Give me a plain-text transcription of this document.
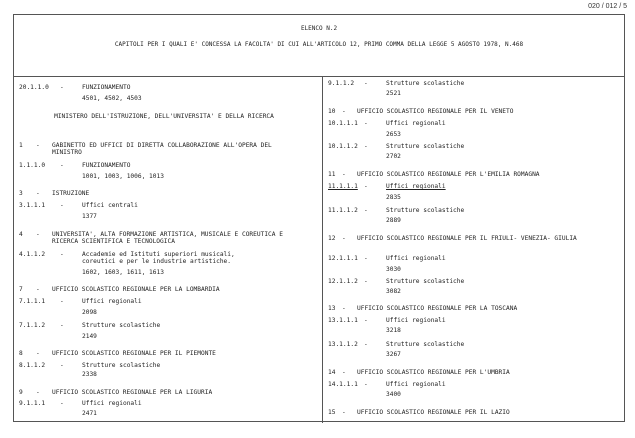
020 / 012 / 5
ELENCO N.2
CAPITOLI PER I QUALI E' CONCESSA LA FACOLTA' DI CUI ALL'ARTICOLO 12, PRIMO COMMA DELLA LEGGE 5 AGOSTO 1978, N.468
20.1.1.0 -	FUNZIONAMENTO
4501, 4502, 4503
MINISTERO DELL'ISTRUZIONE, DELL'UNIVERSITA' E DELLA RICERCA
1 - GABINETTO ED UFFICI DI DIRETTA COLLABORAZIONE ALL'OPERA DEL
MINISTRO
1.1.1.0 -	FUNZIONAMENTO
1001, 1003, 1006, 1013
3 - ISTRUZIONE
3.1.1.1 -	Uffici centrali
1377
4 - UNIVERSITA', ALTA FORMAZIONE ARTISTICA, MUSICALE E COREUTICA E
RICERCA SCIENTIFICA E TECNOLOGICA
4.1.1.2 -	Accademie ed Istituti superiori musicali,
coreutici e per le industrie artistiche.
1602, 1603, 1611, 1613
7 - UFFICIO SCOLASTICO REGIONALE PER LA LOMBARDIA
7.1.1.1 -	Uffici regionali
2098
7.1.1.2 -	Strutture scolastiche
2149
8 - UFFICIO SCOLASTICO REGIONALE PER IL PIEMONTE
8.1.1.2 -	Strutture scolastiche
2338
9 - UFFICIO SCOLASTICO REGIONALE PER LA LIGURIA
9.1.1.1 -	Uffici regionali
2471
9.1.1.2 -	Strutture scolastiche
2521
10 - UFFICIO SCOLASTICO REGIONALE PER IL VENETO
10.1.1.1 -	Uffici regionali
2653
10.1.1.2 -	Strutture scolastiche
2702
11 - UFFICIO SCOLASTICO REGIONALE PER L'EMILIA ROMAGNA
11.1.1.1 -	Uffici regionali
2835
11.1.1.2 -	Strutture scolastiche
2889
12 - UFFICIO SCOLASTICO REGIONALE PER IL FRIULI- VENEZIA- GIULIA
12.1.1.1 -	Uffici regionali
3030
12.1.1.2 -	Strutture scolastiche
3082
13 - UFFICIO SCOLASTICO REGIONALE PER LA TOSCANA
13.1.1.1 -	Uffici regionali
3218
13.1.1.2 -	Strutture scolastiche
3267
14 - UFFICIO SCOLASTICO REGIONALE PER L'UMBRIA
14.1.1.1 -	Uffici regionali
3400
15 - UFFICIO SCOLASTICO REGIONALE PER IL LAZIO
